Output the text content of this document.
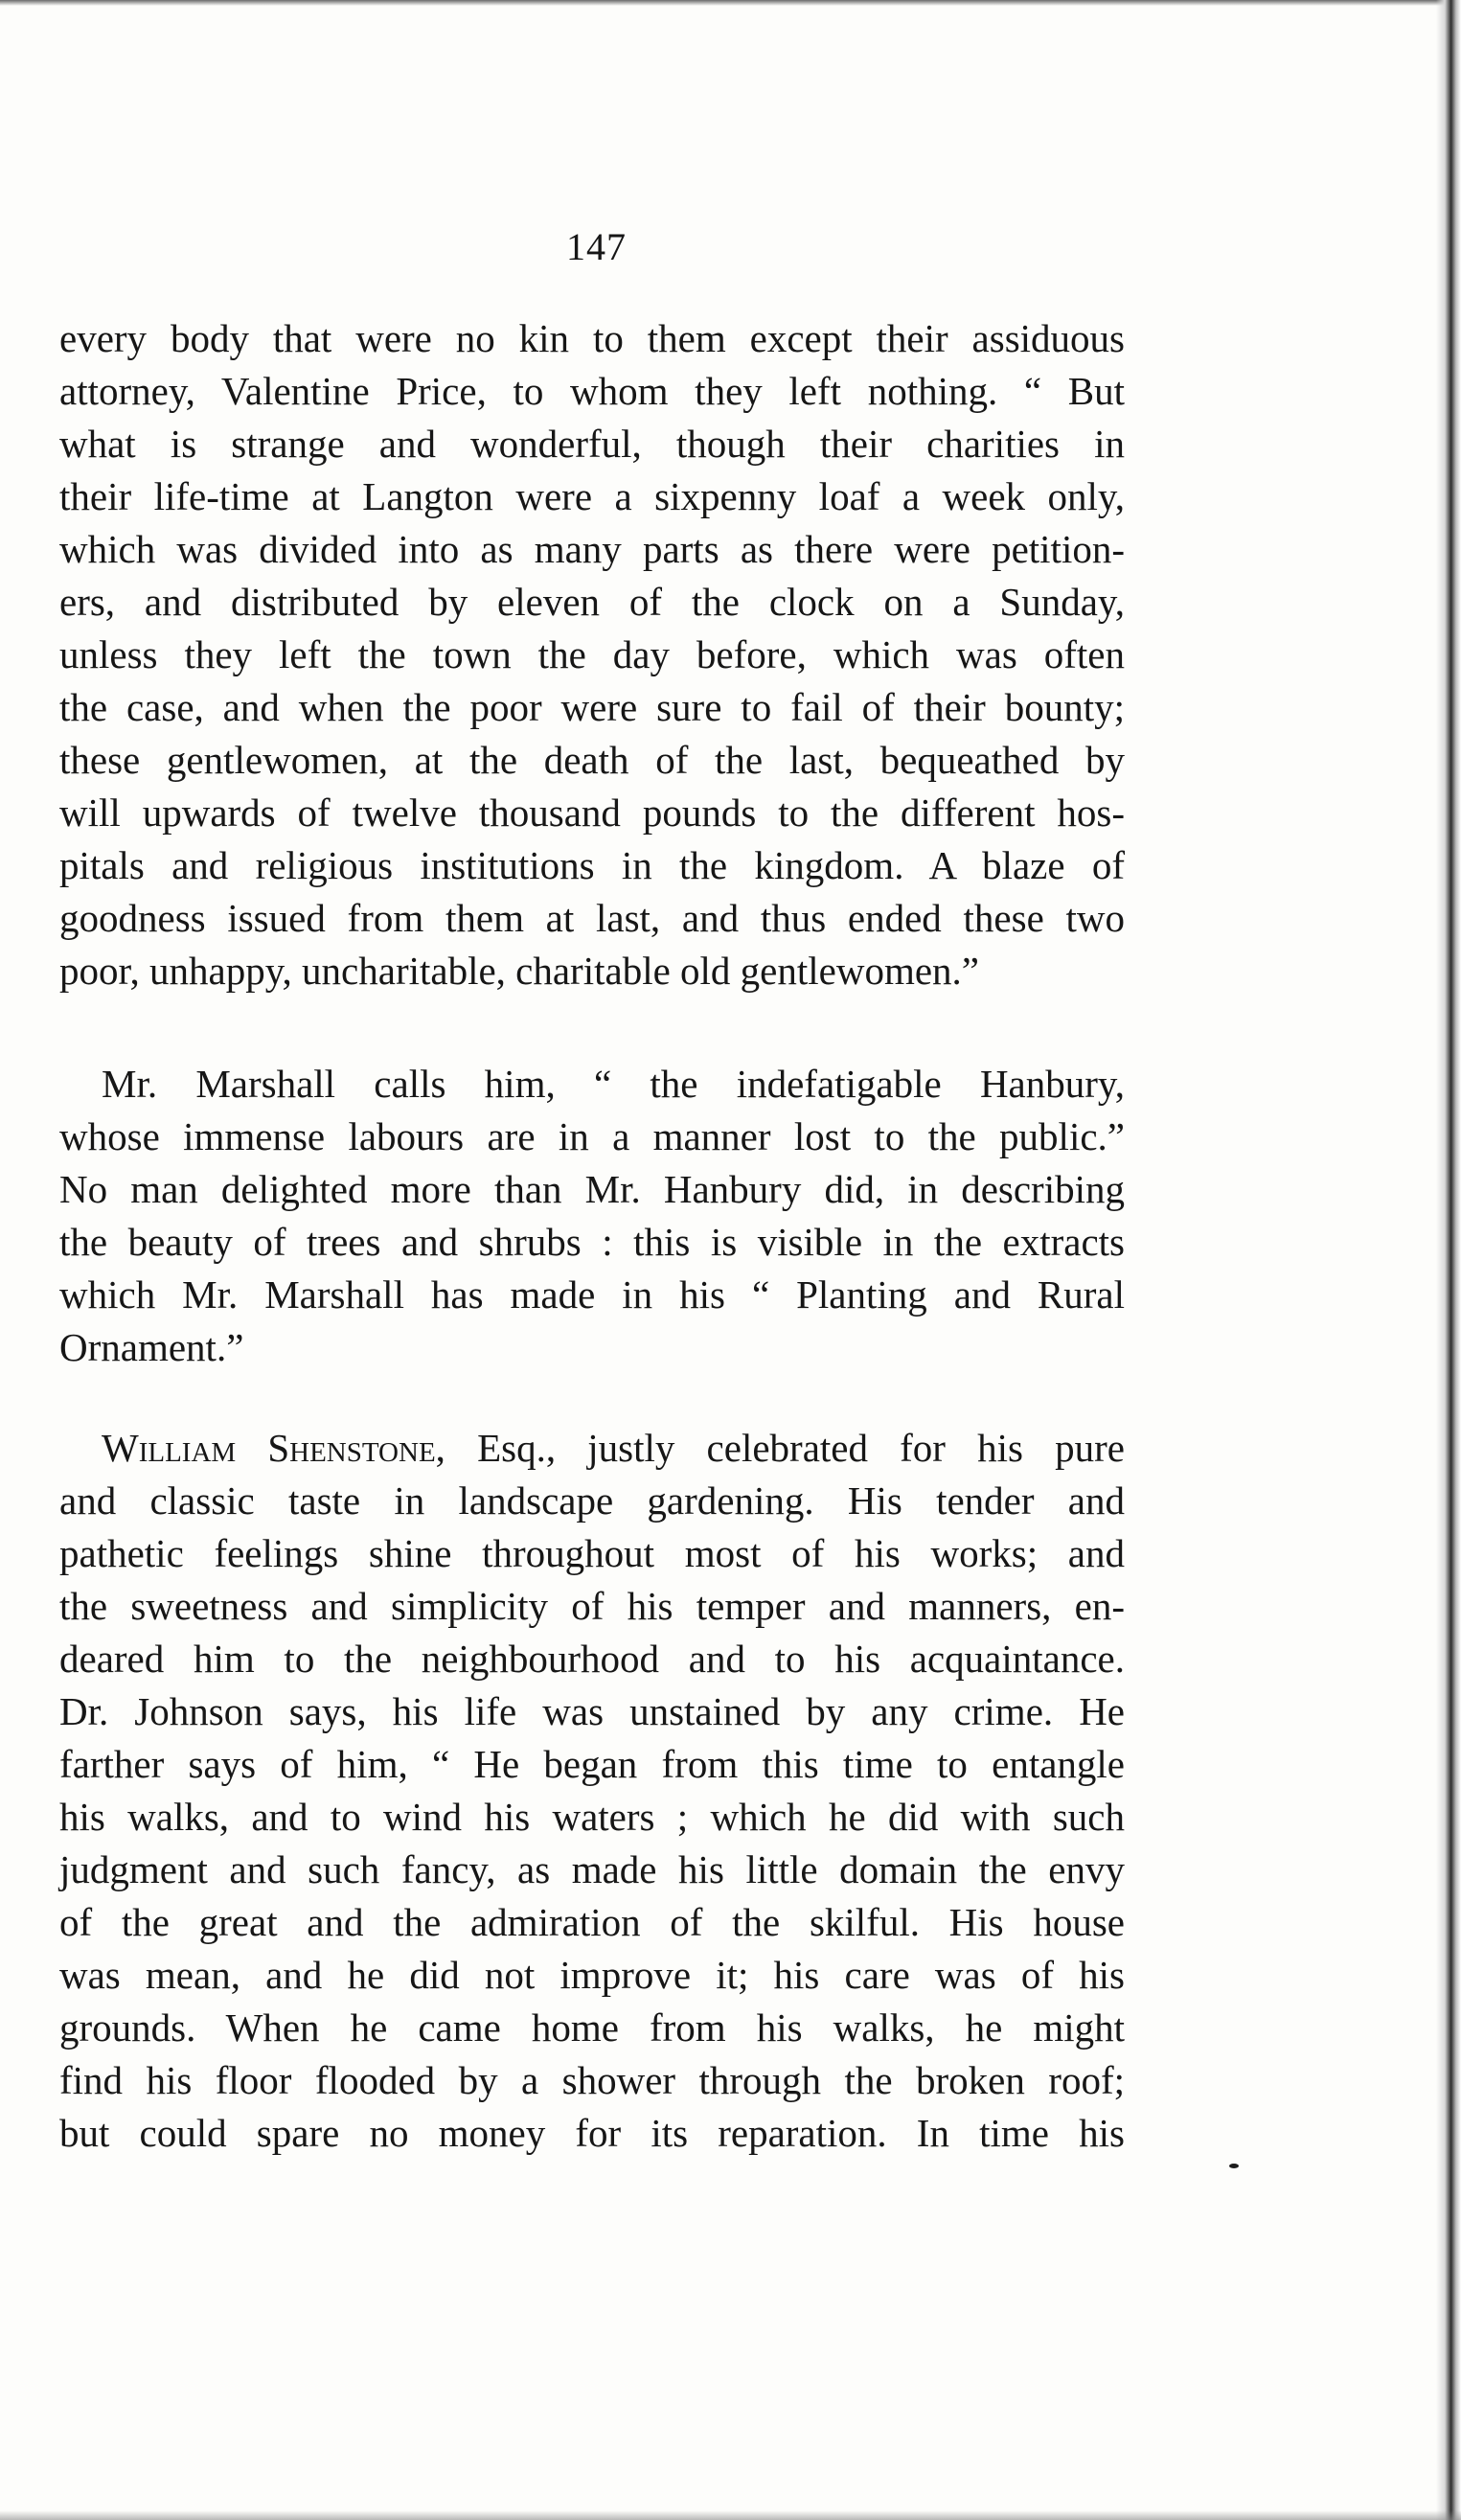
147
every body that were no kin to them except their assiduous
attorney, Valentine Price, to whom they left nothing. “ But
what is strange and wonderful, though their charities in
their life-time at Langton were a sixpenny loaf a week only,
which was divided into as many parts as there were petition-
ers, and distributed by eleven of the clock on a Sunday,
unless they left the town the day before, which was often
the case, and when the poor were sure to fail of their bounty;
these gentlewomen, at the death of the last, bequeathed by
will upwards of twelve thousand pounds to the different hos-
pitals and religious institutions in the kingdom. A blaze of
goodness issued from them at last, and thus ended these two
poor, unhappy, uncharitable, charitable old gentlewomen.”
Mr. Marshall calls him, “ the indefatigable Hanbury,
whose immense labours are in a manner lost to the public.”
No man delighted more than Mr. Hanbury did, in describing
the beauty of trees and shrubs : this is visible in the extracts
which Mr. Marshall has made in his “ Planting and Rural
Ornament.”
William Shenstone, Esq., justly celebrated for his pure
and classic taste in landscape gardening. His tender and
pathetic feelings shine throughout most of his works; and
the sweetness and simplicity of his temper and manners, en-
deared him to the neighbourhood and to his acquaintance.
Dr. Johnson says, his life was unstained by any crime. He
farther says of him, “ He began from this time to entangle
his walks, and to wind his waters ; which he did with such
judgment and such fancy, as made his little domain the envy
of the great and the admiration of the skilful. His house
was mean, and he did not improve it; his care was of his
grounds. When he came home from his walks, he might
find his floor flooded by a shower through the broken roof;
but could spare no money for its reparation. In time his
